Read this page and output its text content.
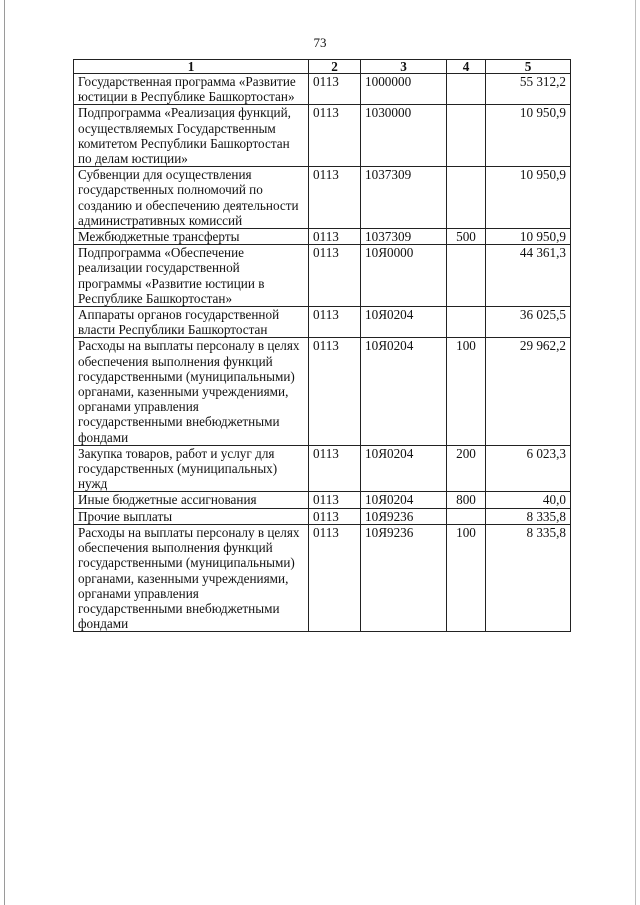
73
1	2	3	4	5
Государственная программа «Развитие юстиции в Республике Башкортостан»	0113	1000000		55 312,2
Подпрограмма «Реализация функций, осуществляемых Государственным комитетом Республики Башкортостан по делам юстиции»	0113	1030000		10 950,9
Субвенции для осуществления государственных полномочий по созданию и обеспечению деятельности административных комиссий	0113	1037309		10 950,9
Межбюджетные трансферты	0113	1037309	500	10 950,9
Подпрограмма «Обеспечение реализации государственной программы «Развитие юстиции в Республике Башкортостан»	0113	10Я0000		44 361,3
Аппараты органов государственной власти Республики Башкортостан	0113	10Я0204		36 025,5
Расходы на выплаты персоналу в целях обеспечения выполнения функций государственными (муниципальными) органами, казенными учреждениями, органами управления государственными внебюджетными фондами	0113	10Я0204	100	29 962,2
Закупка товаров, работ и услуг для государственных (муниципальных) нужд	0113	10Я0204	200	6 023,3
Иные бюджетные ассигнования	0113	10Я0204	800	40,0
Прочие выплаты	0113	10Я9236		8 335,8
Расходы на выплаты персоналу в целях обеспечения выполнения функций государственными (муниципальными) органами, казенными учреждениями, органами управления государственными внебюджетными фондами	0113	10Я9236	100	8 335,8
